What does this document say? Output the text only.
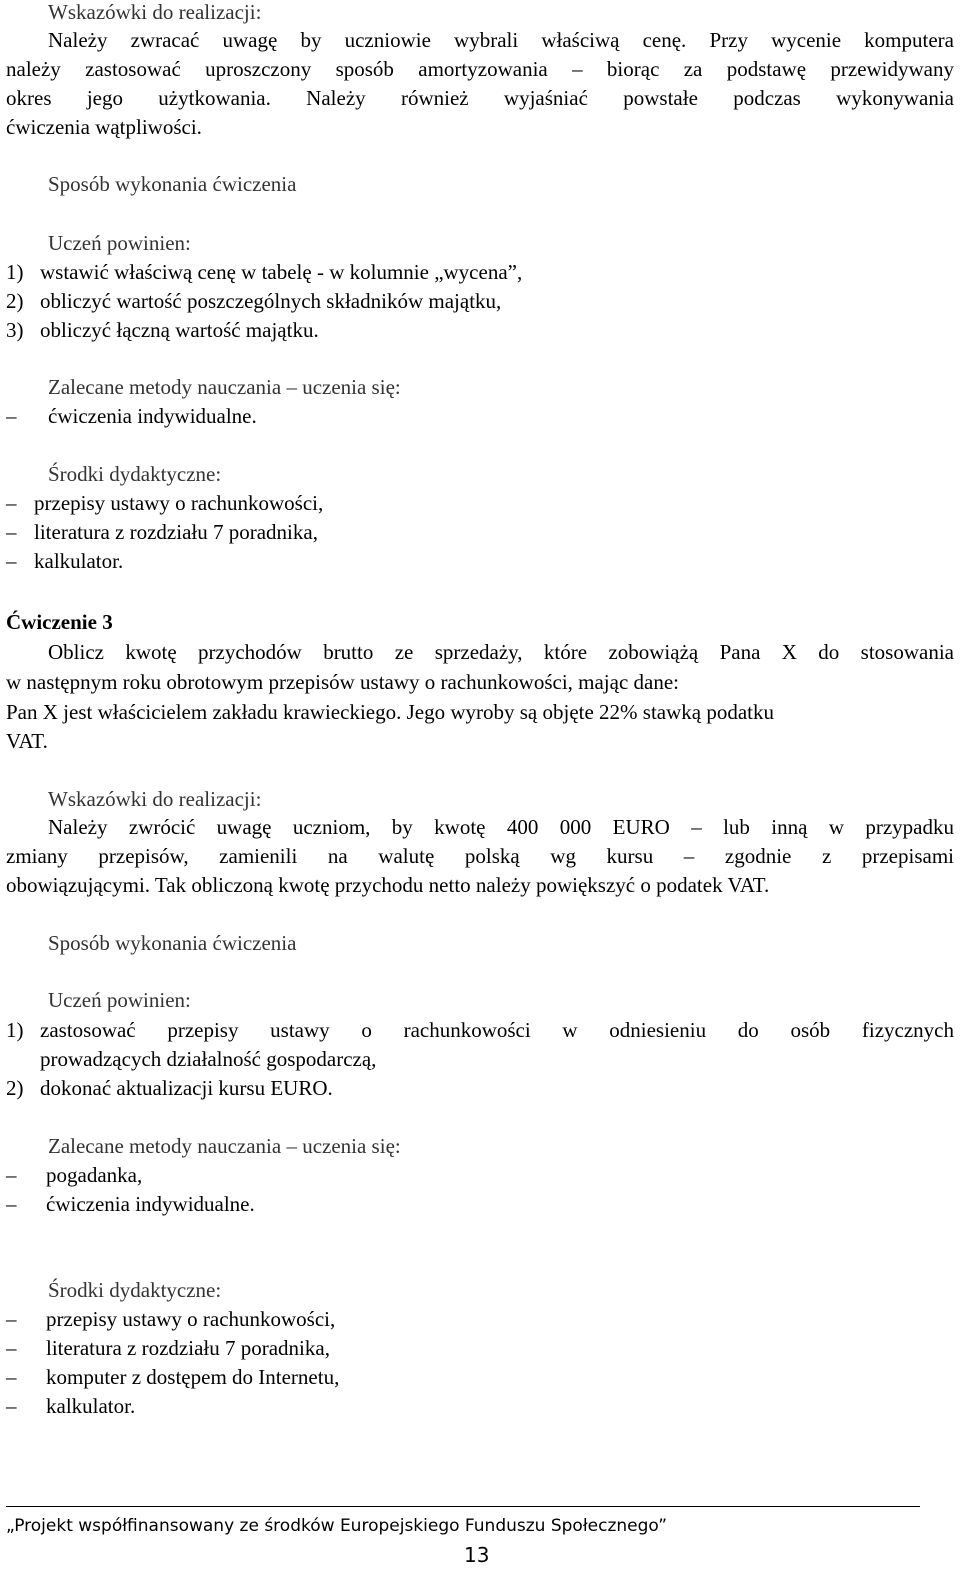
Wskazówki do realizacji:
Należy zwracać uwagę by uczniowie wybrali właściwą cenę. Przy wycenie komputera
należy zastosować uproszczony sposób amortyzowania – biorąc za podstawę przewidywany
okres jego użytkowania. Należy również wyjaśniać powstałe podczas wykonywania
ćwiczenia wątpliwości.
Sposób wykonania ćwiczenia
Uczeń powinien:
1) wstawić właściwą cenę w tabelę - w kolumnie „wycena”,
2) obliczyć wartość poszczególnych składników majątku,
3) obliczyć łączną wartość majątku.
Zalecane metody nauczania – uczenia się:
– ćwiczenia indywidualne.
Środki dydaktyczne:
– przepisy ustawy o rachunkowości,
– literatura z rozdziału 7 poradnika,
– kalkulator.
Ćwiczenie 3
Oblicz kwotę przychodów brutto ze sprzedaży, które zobowiążą Pana X do stosowania
w następnym roku obrotowym przepisów ustawy o rachunkowości, mając dane:
Pan X jest właścicielem zakładu krawieckiego. Jego wyroby są objęte 22% stawką podatku
VAT.
Wskazówki do realizacji:
Należy zwrócić uwagę uczniom, by kwotę 400 000 EURO – lub inną w przypadku
zmiany przepisów, zamienili na walutę polską wg kursu – zgodnie z przepisami
obowiązującymi. Tak obliczoną kwotę przychodu netto należy powiększyć o podatek VAT.
Sposób wykonania ćwiczenia
Uczeń powinien:
1) zastosować przepisy ustawy o rachunkowości w odniesieniu do osób fizycznych
prowadzących działalność gospodarczą,
2) dokonać aktualizacji kursu EURO.
Zalecane metody nauczania – uczenia się:
– pogadanka,
– ćwiczenia indywidualne.
Środki dydaktyczne:
– przepisy ustawy o rachunkowości,
– literatura z rozdziału 7 poradnika,
– komputer z dostępem do Internetu,
– kalkulator.
„Projekt współfinansowany ze środków Europejskiego Funduszu Społecznego”
13
